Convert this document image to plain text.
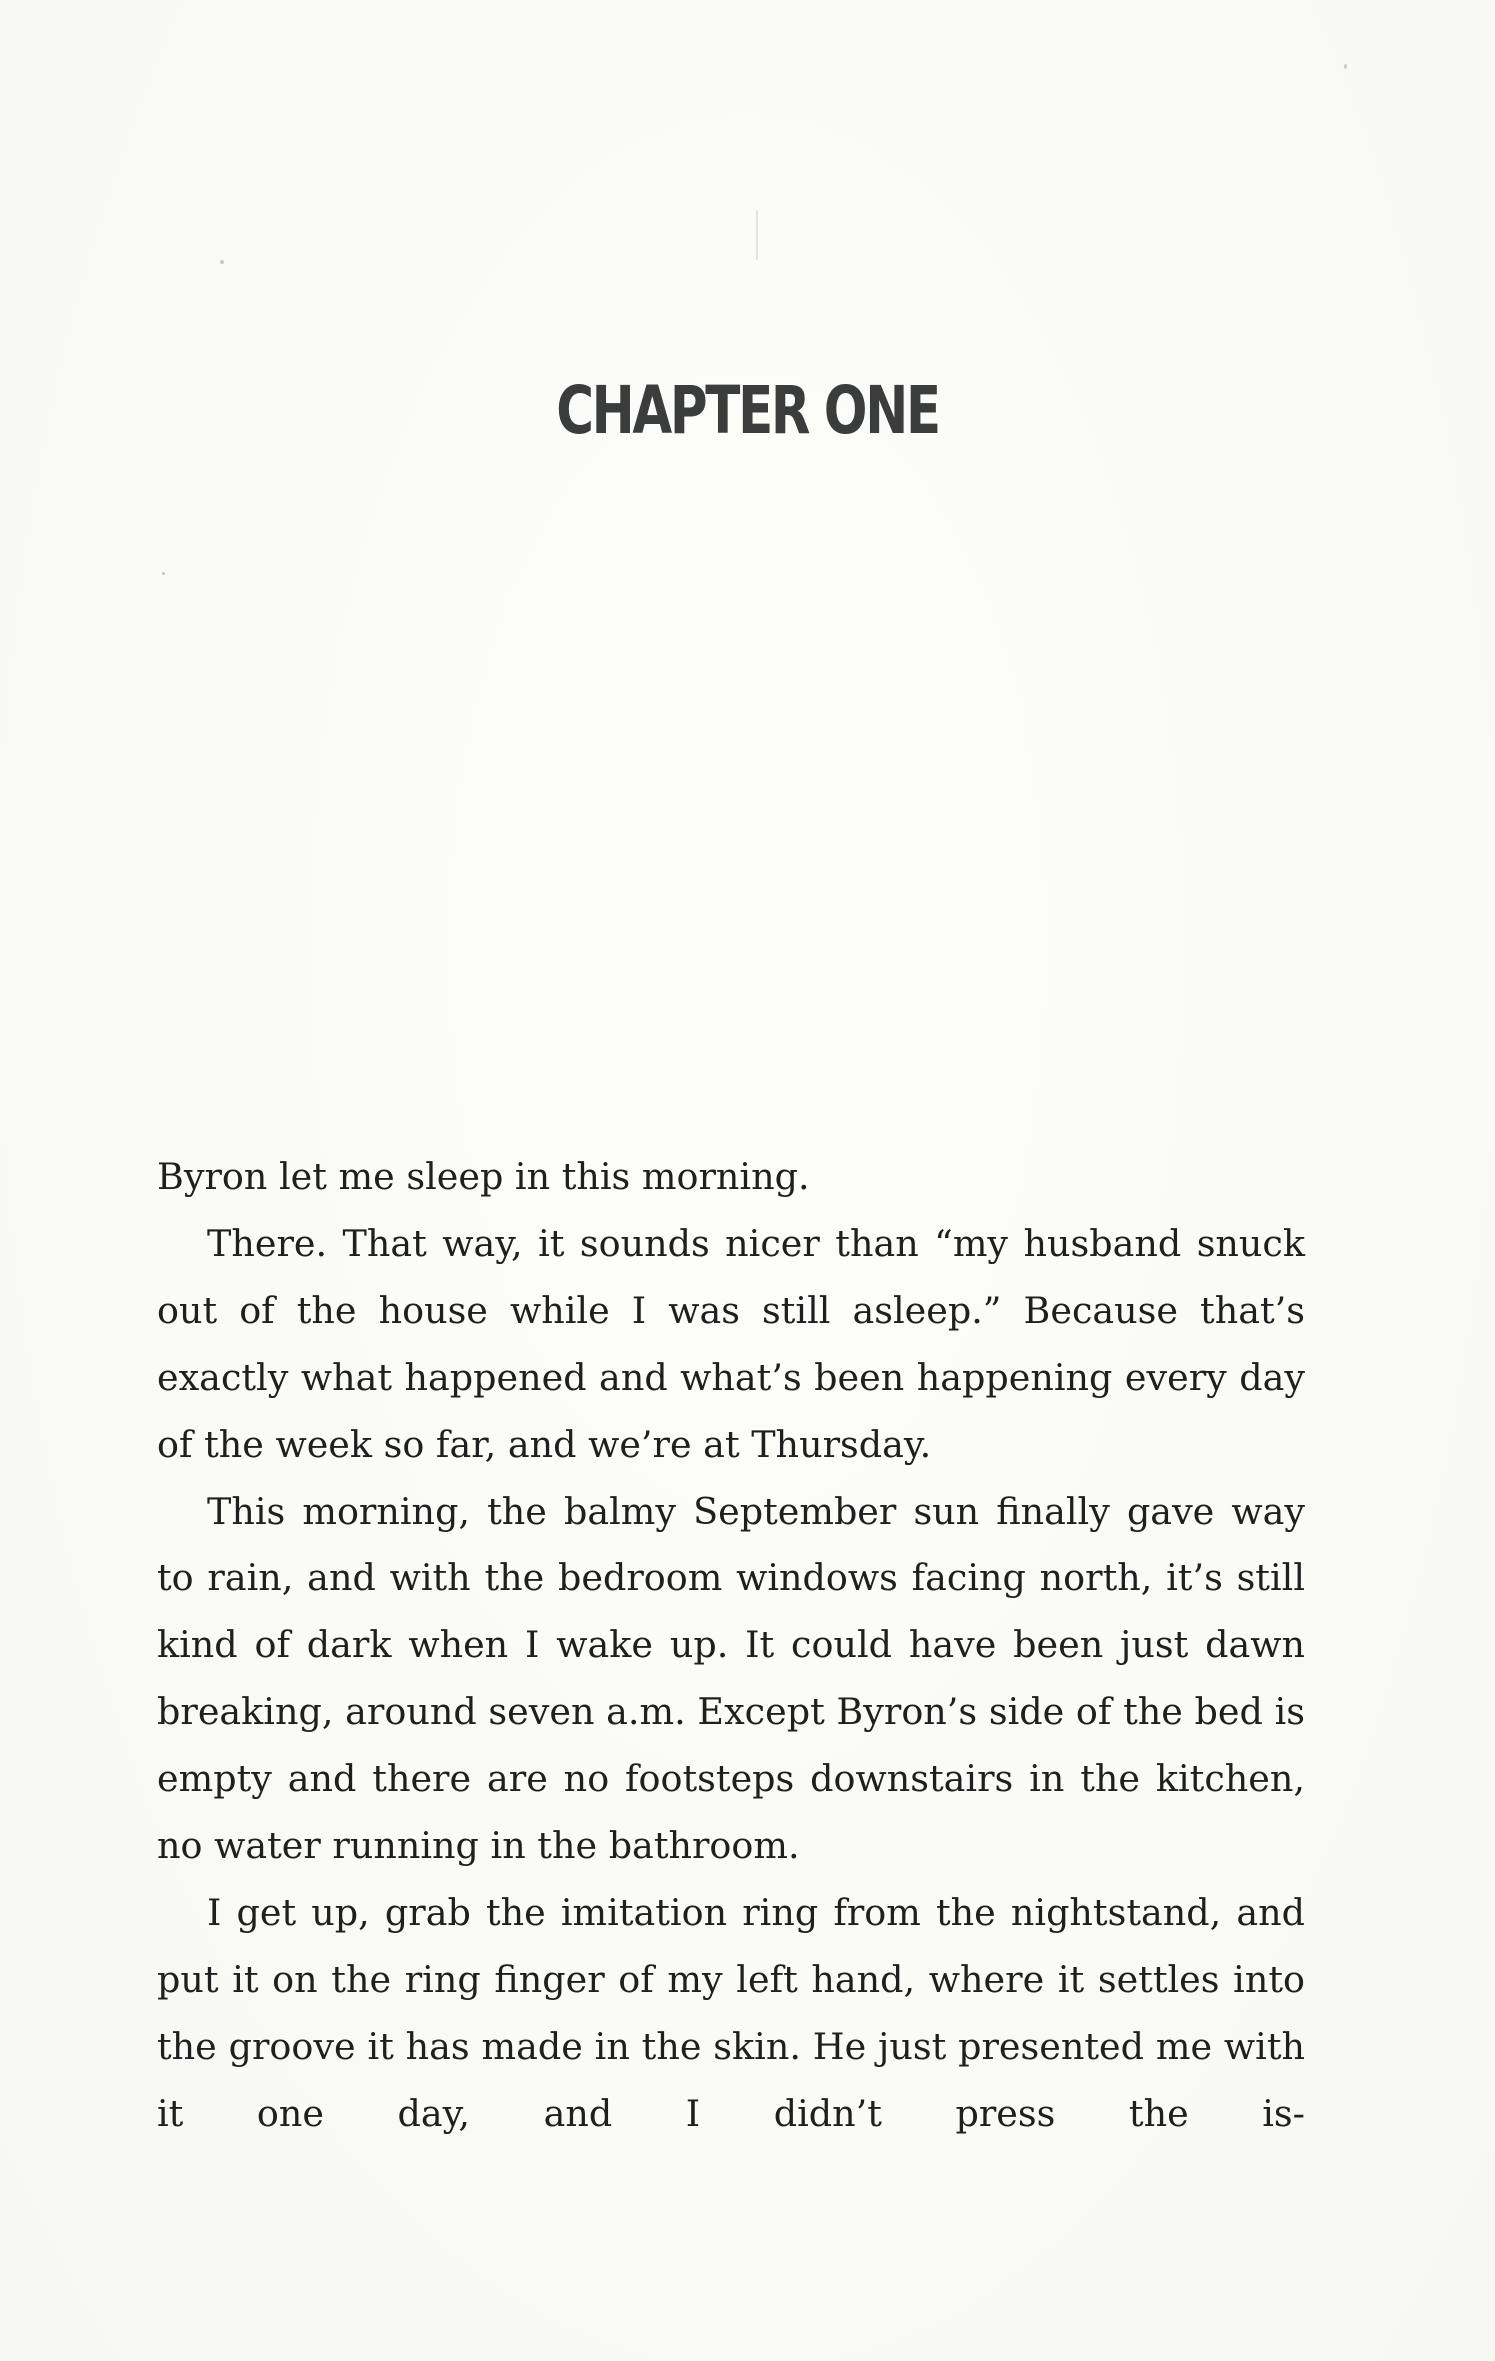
CHAPTER ONE

Byron let me sleep in this morning.

There. That way, it sounds nicer than “my husband snuck out of the house while I was still asleep.” Because that’s exactly what happened and what’s been happening every day of the week so far, and we’re at Thursday.

This morning, the balmy September sun finally gave way to rain, and with the bedroom windows facing north, it’s still kind of dark when I wake up. It could have been just dawn breaking, around seven a.m. Except Byron’s side of the bed is empty and there are no footsteps downstairs in the kitchen, no water running in the bathroom.

I get up, grab the imitation ring from the nightstand, and put it on the ring finger of my left hand, where it settles into the groove it has made in the skin. He just presented me with it one day, and I didn’t press the is-
